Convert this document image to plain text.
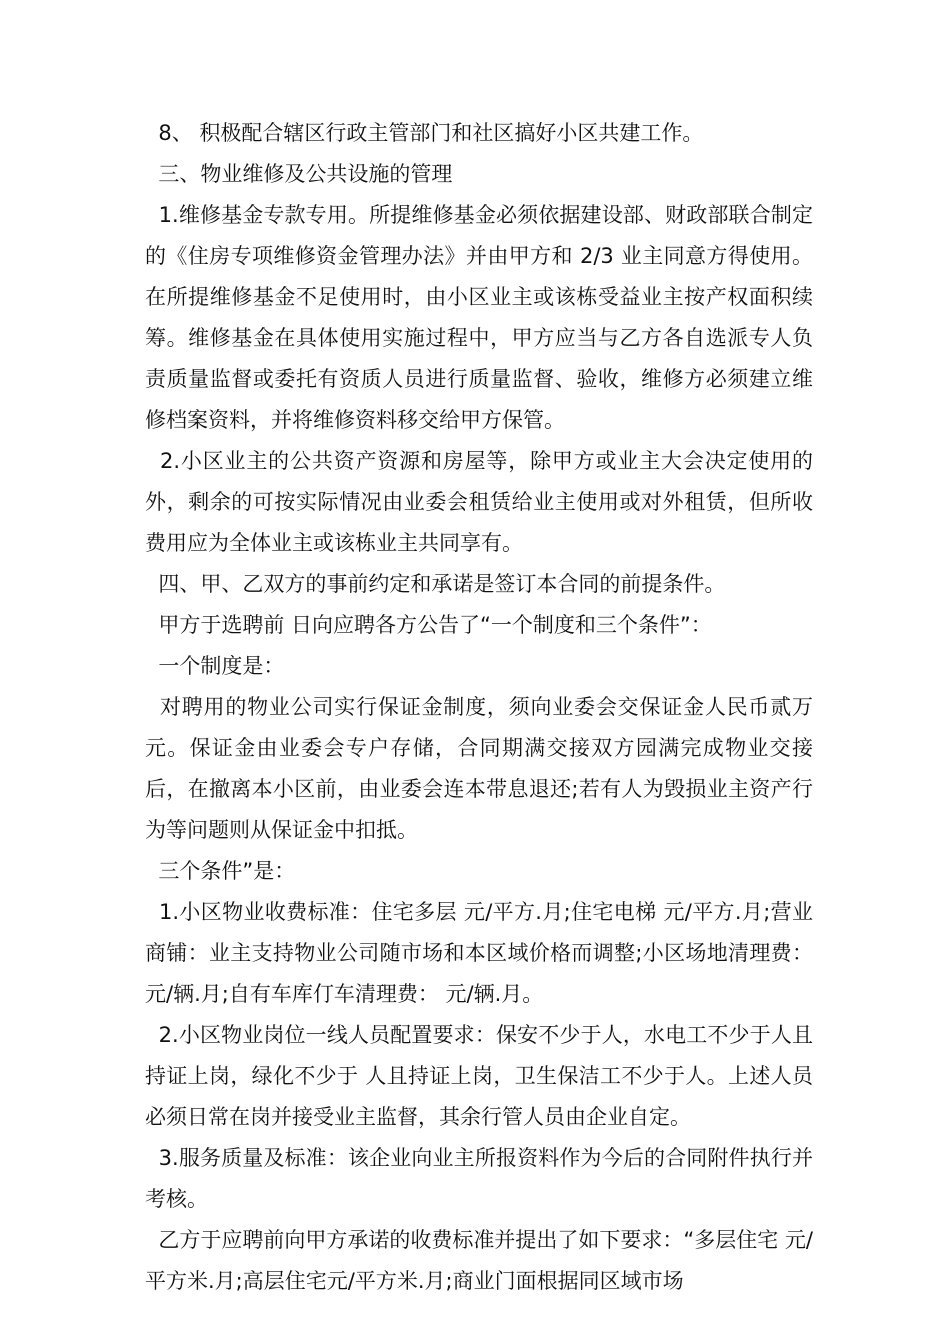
8、 积极配合辖区行政主管部门和社区搞好小区共建工作。

三、物业维修及公共设施的管理

1.维修基金专款专用。所提维修基金必须依据建设部、财政部联合制定的《住房专项维修资金管理办法》并由甲方和 2/3 业主同意方得使用。在所提维修基金不足使用时，由小区业主或该栋受益业主按产权面积续筹。维修基金在具体使用实施过程中，甲方应当与乙方各自选派专人负责质量监督或委托有资质人员进行质量监督、验收，维修方必须建立维修档案资料，并将维修资料移交给甲方保管。

2.小区业主的公共资产资源和房屋等，除甲方或业主大会决定使用的外，剩余的可按实际情况由业委会租赁给业主使用或对外租赁，但所收费用应为全体业主或该栋业主共同享有。

四、甲、乙双方的事前约定和承诺是签订本合同的前提条件。

甲方于选聘前 日向应聘各方公告了“一个制度和三个条件”：

一个制度是：

对聘用的物业公司实行保证金制度，须向业委会交保证金人民币贰万元。保证金由业委会专户存储，合同期满交接双方园满完成物业交接后，在撤离本小区前，由业委会连本带息退还;若有人为毁损业主资产行为等问题则从保证金中扣抵。

三个条件”是：

1.小区物业收费标准：住宅多层 元/平方.月;住宅电梯 元/平方.月;营业商铺：业主支持物业公司随市场和本区域价格而调整;小区场地清理费：元/辆.月;自有车库仃车清理费： 元/辆.月。

2.小区物业岗位一线人员配置要求：保安不少于人，水电工不少于人且持证上岗，绿化不少于 人且持证上岗，卫生保洁工不少于人。上述人员必须日常在岗并接受业主监督，其余行管人员由企业自定。

3.服务质量及标准：该企业向业主所报资料作为今后的合同附件执行并考核。

乙方于应聘前向甲方承诺的收费标准并提出了如下要求：“多层住宅 元/平方米.月;高层住宅元/平方米.月;商业门面根据同区域市场
